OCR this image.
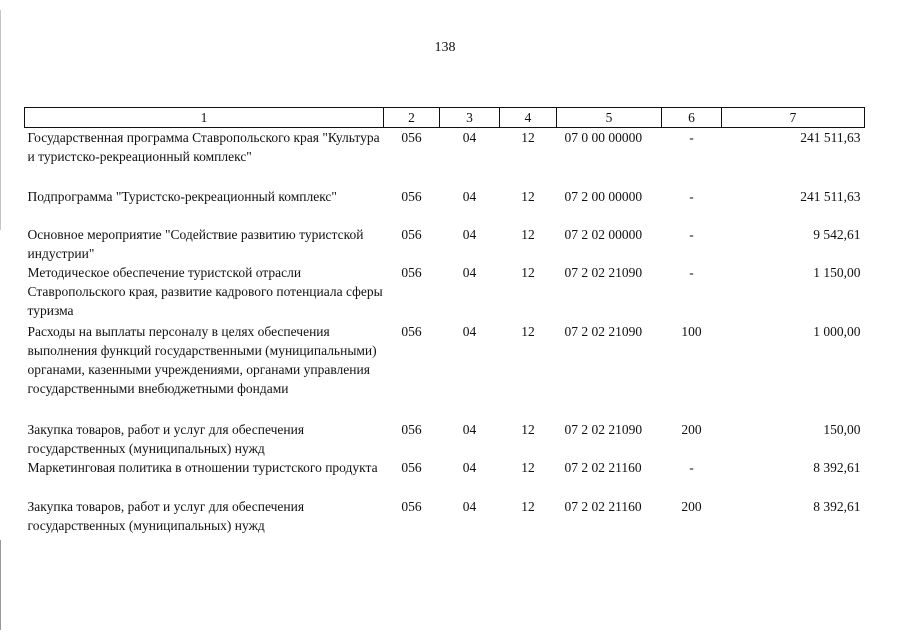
138
1	2	3	4	5	6	7
Государственная программа Ставропольского края "Культура и туристско-рекреационный комплекс"	056	04	12	07 0 00 00000	-	241 511,63
Подпрограмма "Туристско-рекреационный комплекс"	056	04	12	07 2 00 00000	-	241 511,63
Основное мероприятие "Содействие развитию туристской индустрии"	056	04	12	07 2 02 00000	-	9 542,61
Методическое обеспечение туристской отрасли Ставропольского края, развитие кадрового потенциала сферы туризма	056	04	12	07 2 02 21090	-	1 150,00
Расходы на выплаты персоналу в целях обеспечения выполнения функций государственными (муниципальными) органами, казенными учреждениями, органами управления государственными внебюджетными фондами	056	04	12	07 2 02 21090	100	1 000,00
Закупка товаров, работ и услуг для обеспечения государственных (муниципальных) нужд	056	04	12	07 2 02 21090	200	150,00
Маркетинговая политика в отношении туристского продукта	056	04	12	07 2 02 21160	-	8 392,61
Закупка товаров, работ и услуг для обеспечения государственных (муниципальных) нужд	056	04	12	07 2 02 21160	200	8 392,61
